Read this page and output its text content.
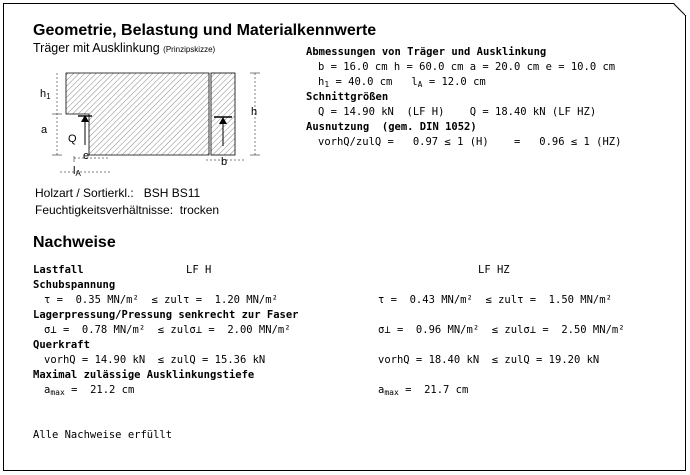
Geometrie, Belastung und Materialkennwerte
Träger mit Ausklinkung (Prinzipskizze)
$h_1$
a
Q
e
$l_A$
h
b
Holzart / Sortierkl.: BSH BS11
Feuchtigkeitsverhältnisse: trocken
Abmessungen von Träger und Ausklinkung
b = 16.0 cm h = 60.0 cm a = 20.0 cm e = 10.0 cm
$h_1 = 40.0$ cm   $l_A = 12.0$ cm
Schnittgrößen
Q = 14.90 kN  (LF H)    Q = 18.40 kN (LF HZ)
Ausnutzung (gem. DIN 1052)
vorhQ/zulQ =   0.97 ≤ 1 (H)    =   0.96 ≤ 1 (HZ)
Nachweise
Lastfall	LF H	LF HZ
Schubspannung
τ =  0.35 MN/m²  ≤ zulτ =  1.20 MN/m²	τ =  0.43 MN/m²  ≤ zulτ =  1.50 MN/m²
Lagerpressung/Pressung senkrecht zur Faser
σ⊥ =  0.78 MN/m²  ≤ zulσ⊥ =  2.00 MN/m²	σ⊥ =  0.96 MN/m²  ≤ zulσ⊥ =  2.50 MN/m²
Querkraft
vorhQ = 14.90 kN  ≤ zulQ = 15.36 kN	vorhQ = 18.40 kN  ≤ zulQ = 19.20 kN
Maximal zulässige Ausklinkungstiefe
$a_{max} = 21.2$ cm	$a_{max} = 21.7$ cm
Alle Nachweise erfüllt
